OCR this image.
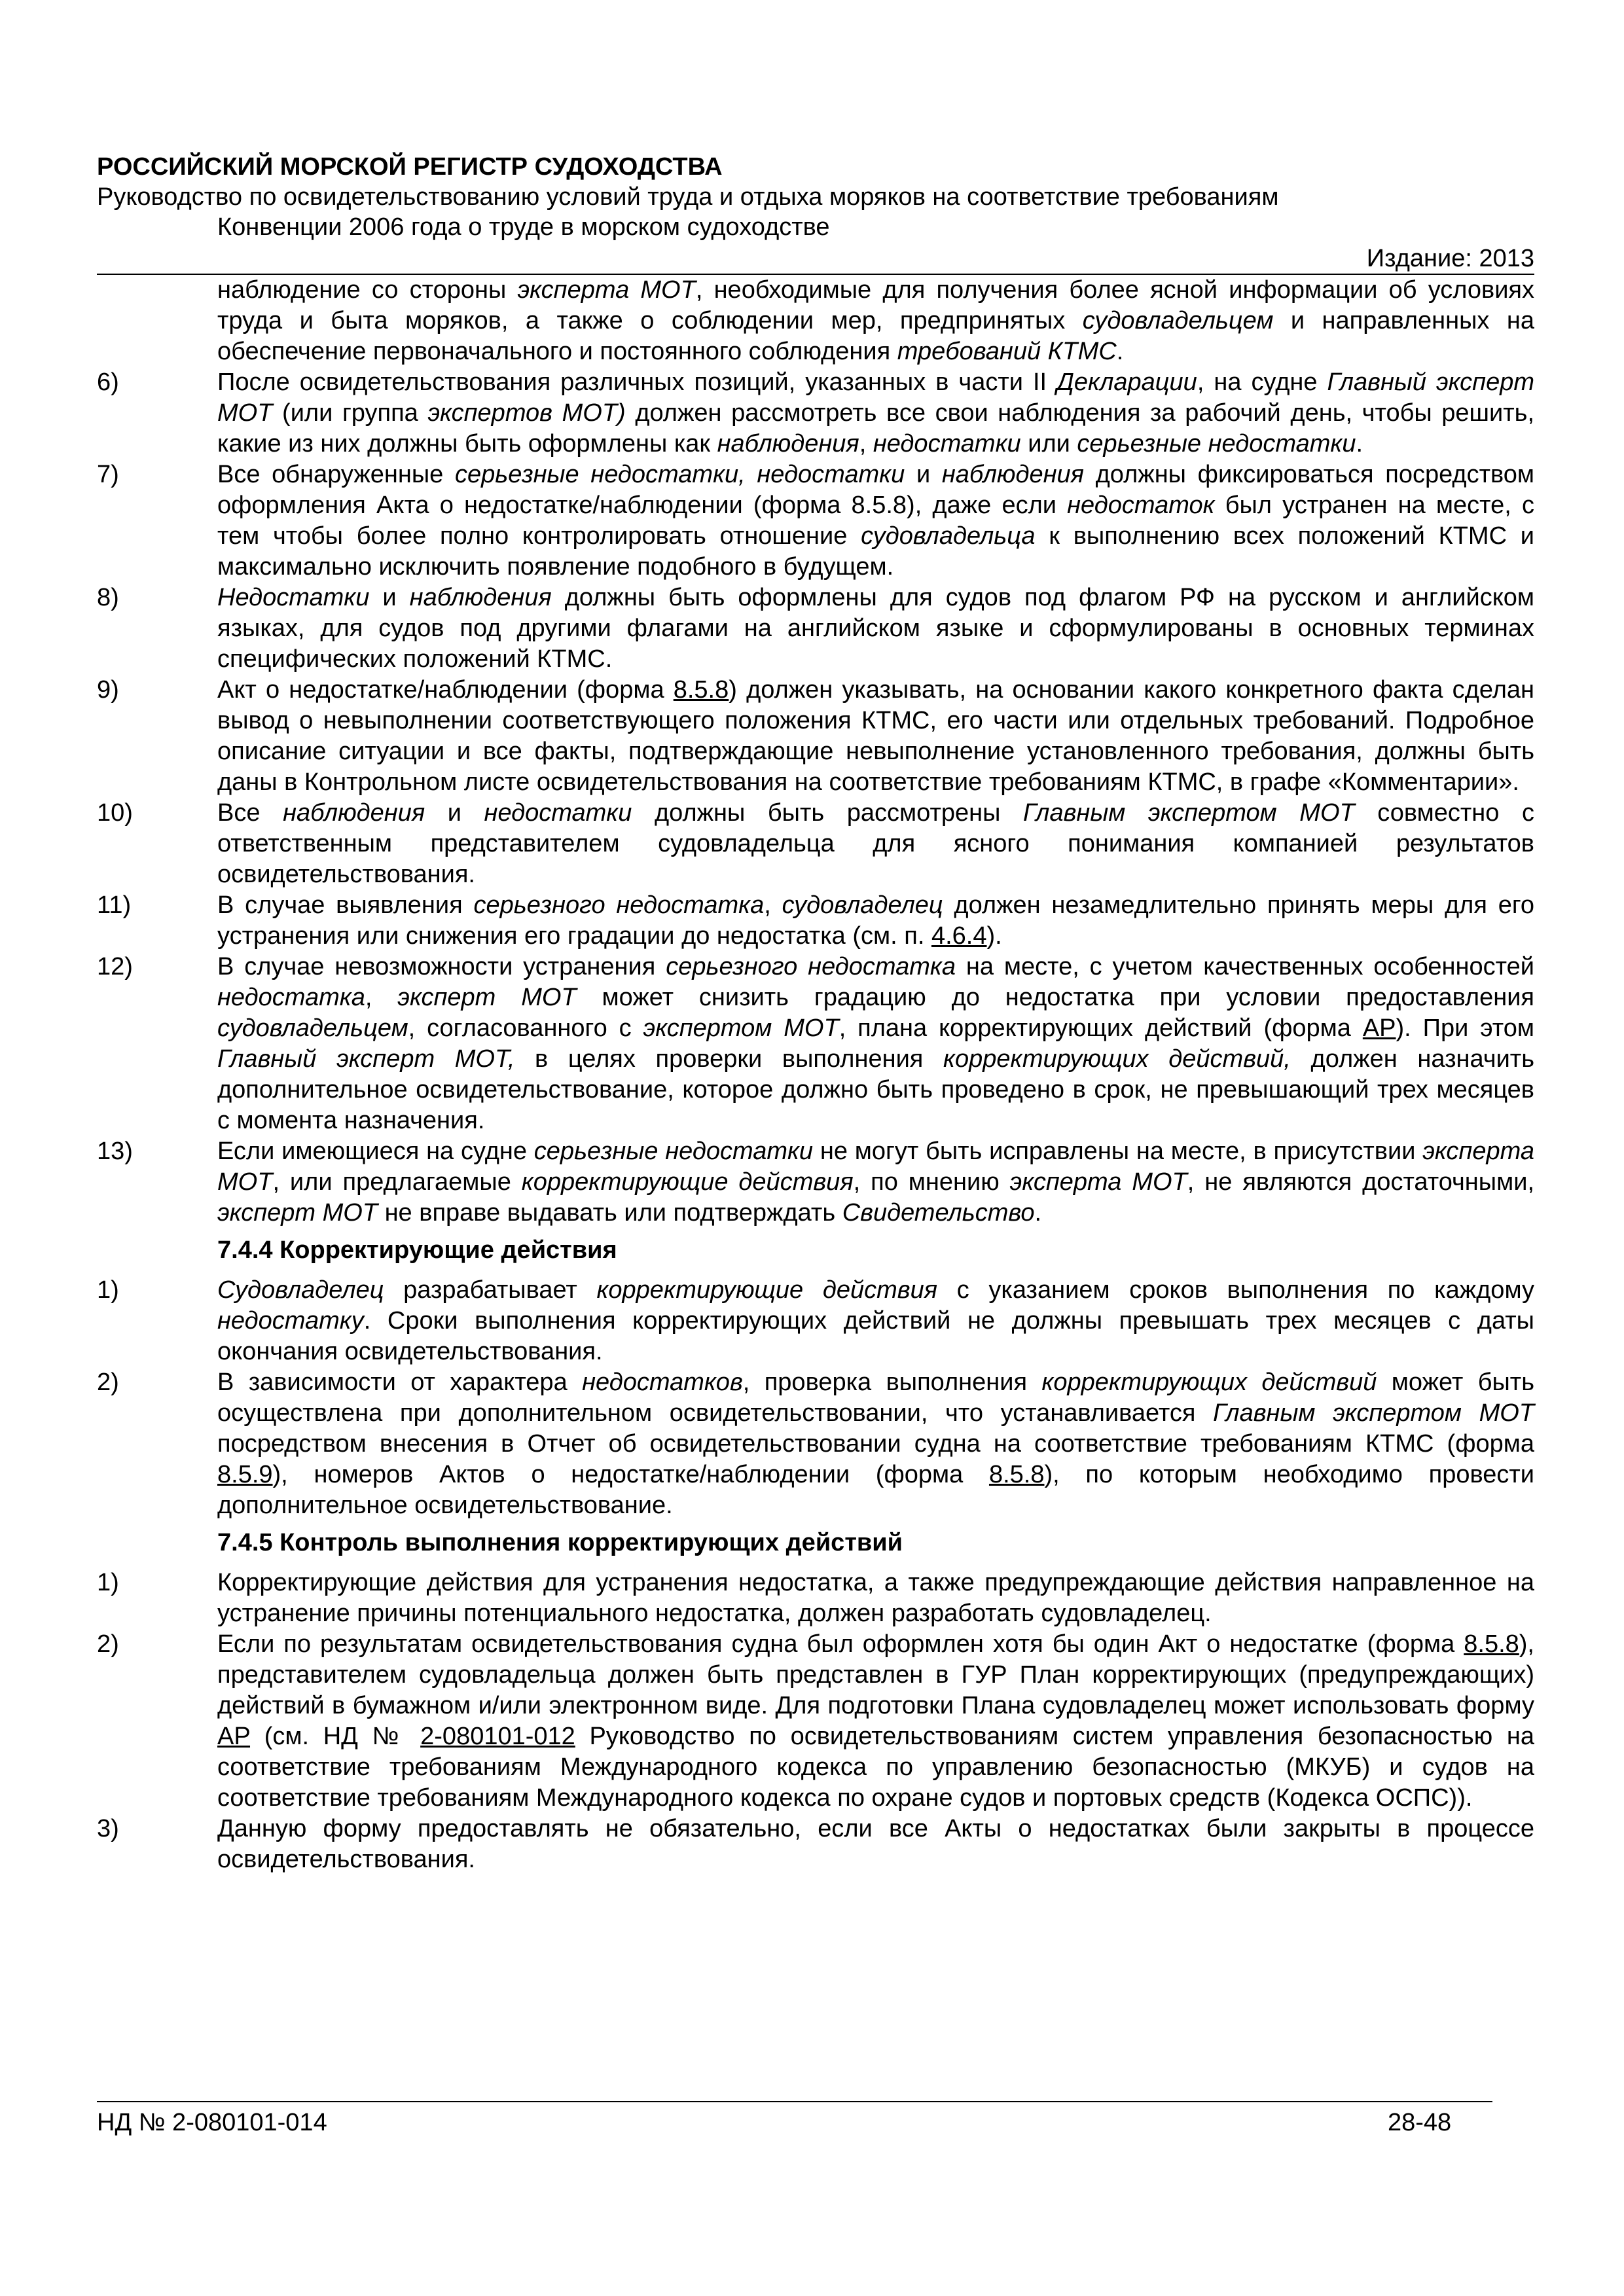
РОССИЙСКИЙ МОРСКОЙ РЕГИСТР СУДОХОДСТВА
Руководство по освидетельствованию условий труда и отдыха моряков на соответствие требованиям
Конвенции 2006 года о труде в морском судоходстве
Издание: 2013

наблюдение со стороны эксперта МОТ, необходимые для получения более ясной информации об условиях труда и быта моряков, а также о соблюдении мер, предпринятых судовладельцем и направленных на обеспечение первоначального и постоянного соблюдения требований КТМС.

6)	После освидетельствования различных позиций, указанных в части II Декларации, на судне Главный эксперт МОТ (или группа экспертов МОТ) должен рассмотреть все свои наблюдения за рабочий день, чтобы решить, какие из них должны быть оформлены как наблюдения, недостатки или серьезные недостатки.
7)	Все обнаруженные серьезные недостатки, недостатки и наблюдения должны фиксироваться посредством оформления Акта о недостатке/наблюдении (форма 8.5.8), даже если недостаток был устранен на месте, с тем чтобы более полно контролировать отношение судовладельца к выполнению всех положений КТМС и максимально исключить появление подобного в будущем.
8)	Недостатки и наблюдения должны быть оформлены для судов под флагом РФ на русском и английском языках, для судов под другими флагами на английском языке и сформулированы в основных терминах специфических положений КТМС.
9)	Акт о недостатке/наблюдении (форма 8.5.8) должен указывать, на основании какого конкретного факта сделан вывод о невыполнении соответствующего положения КТМС, его части или отдельных требований. Подробное описание ситуации и все факты, подтверждающие невыполнение установленного требования, должны быть даны в Контрольном листе освидетельствования на соответствие требованиям КТМС, в графе «Комментарии».
10)	Все наблюдения и недостатки должны быть рассмотрены Главным экспертом МОТ совместно с ответственным представителем судовладельца для ясного понимания компанией результатов освидетельствования.
11)	В случае выявления серьезного недостатка, судовладелец должен незамедлительно принять меры для его устранения или снижения его градации до недостатка (см. п. 4.6.4).
12)	В случае невозможности устранения серьезного недостатка на месте, с учетом качественных особенностей недостатка, эксперт МОТ может снизить градацию до недостатка при условии предоставления судовладельцем, согласованного с экспертом МОТ, плана корректирующих действий (форма AP). При этом Главный эксперт МОТ, в целях проверки выполнения корректирующих действий, должен назначить дополнительное освидетельствование, которое должно быть проведено в срок, не превышающий трех месяцев с момента назначения.
13)	Если имеющиеся на судне серьезные недостатки не могут быть исправлены на месте, в присутствии эксперта МОТ, или предлагаемые корректирующие действия, по мнению эксперта МОТ, не являются достаточными, эксперт МОТ не вправе выдавать или подтверждать Свидетельство.
7.4.4 Корректирующие действия
1)	Судовладелец разрабатывает корректирующие действия с указанием сроков выполнения по каждому недостатку. Сроки выполнения корректирующих действий не должны превышать трех месяцев с даты окончания освидетельствования.
2)	В зависимости от характера недостатков, проверка выполнения корректирующих действий может быть осуществлена при дополнительном освидетельствовании, что устанавливается Главным экспертом МОТ посредством внесения в Отчет об освидетельствовании судна на соответствие требованиям КТМС (форма 8.5.9), номеров Актов о недостатке/наблюдении (форма 8.5.8), по которым необходимо провести дополнительное освидетельствование.
7.4.5 Контроль выполнения корректирующих действий
1)	Корректирующие действия для устранения недостатка, а также предупреждающие действия направленное на устранение причины потенциального недостатка, должен разработать судовладелец.
2)	Если по результатам освидетельствования судна был оформлен хотя бы один Акт о недостатке (форма 8.5.8), представителем судовладельца должен быть представлен в ГУР План корректирующих (предупреждающих) действий в бумажном и/или электронном виде. Для подготовки Плана судовладелец может использовать форму AP (см. НД № 2-080101-012 Руководство по освидетельствованиям систем управления безопасностью на соответствие требованиям Международного кодекса по управлению безопасностью (МКУБ) и судов на соответствие требованиям Международного кодекса по охране судов и портовых средств (Кодекса ОСПС)).
3)	Данную форму предоставлять не обязательно, если все Акты о недостатках были закрыты в процессе освидетельствования.
НД № 2-080101-014	28-48
